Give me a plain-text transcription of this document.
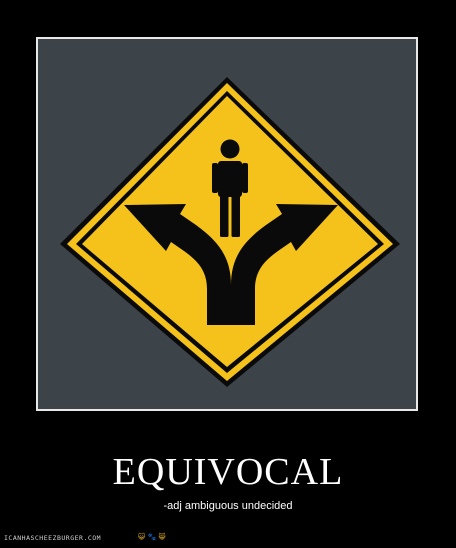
EQUIVOCAL
-adj ambiguous undecided
ICANHASCHEEZBURGER.COM	😺 🐾 😸
